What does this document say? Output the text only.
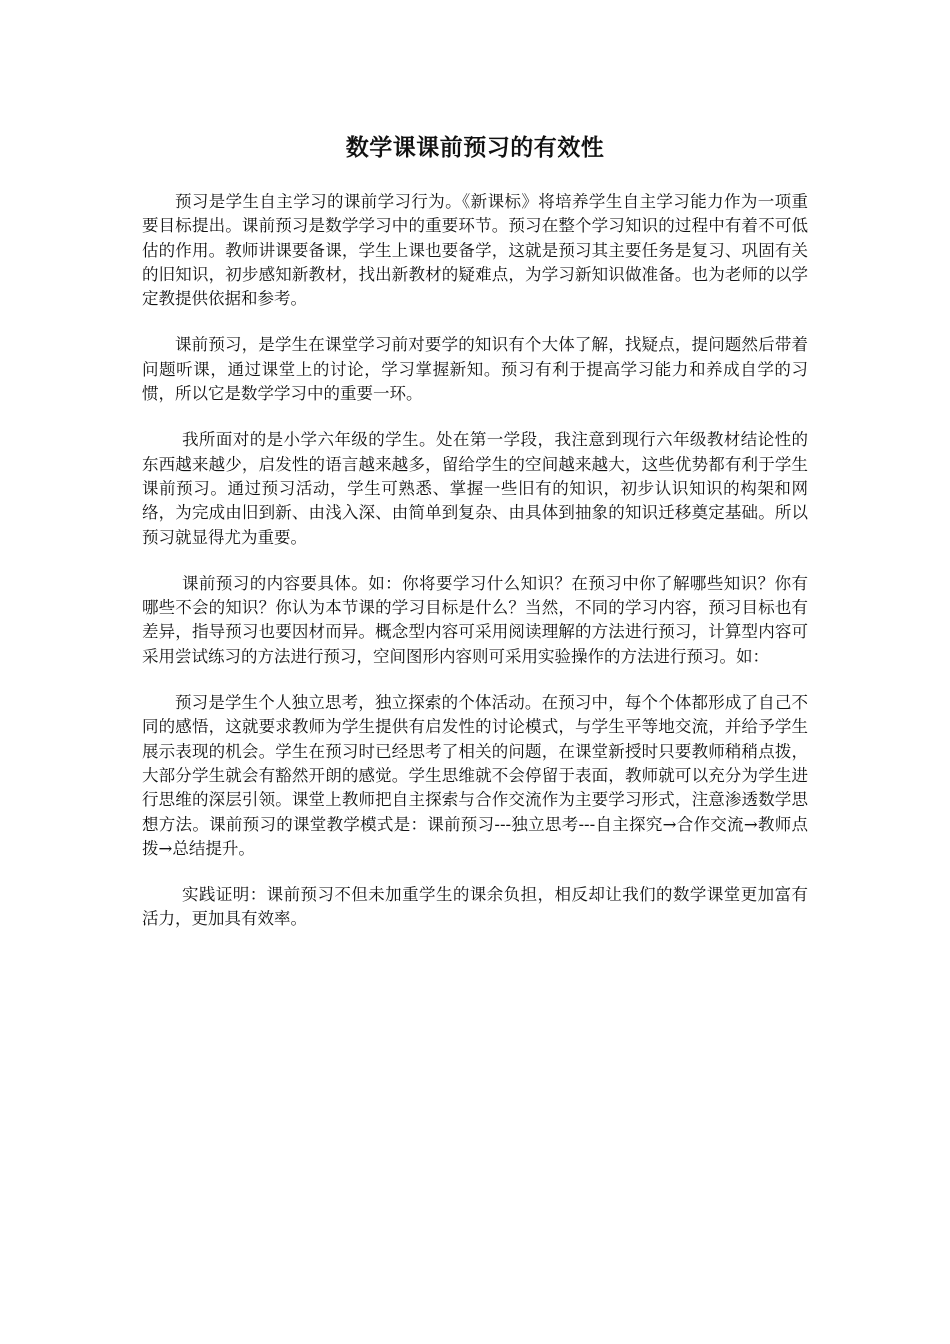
数学课课前预习的有效性

预习是学生自主学习的课前学习行为。《新课标》将培养学生自主学习能力作为一项重要目标提出。课前预习是数学学习中的重要环节。预习在整个学习知识的过程中有着不可低估的作用。教师讲课要备课，学生上课也要备学，这就是预习其主要任务是复习、巩固有关的旧知识，初步感知新教材，找出新教材的疑难点，为学习新知识做准备。也为老师的以学定教提供依据和参考。

课前预习，是学生在课堂学习前对要学的知识有个大体了解，找疑点，提问题然后带着问题听课，通过课堂上的讨论，学习掌握新知。预习有利于提高学习能力和养成自学的习惯，所以它是数学学习中的重要一环。

我所面对的是小学六年级的学生。处在第一学段，我注意到现行六年级教材结论性的东西越来越少，启发性的语言越来越多，留给学生的空间越来越大，这些优势都有利于学生课前预习。通过预习活动，学生可熟悉、掌握一些旧有的知识，初步认识知识的构架和网络，为完成由旧到新、由浅入深、由简单到复杂、由具体到抽象的知识迁移奠定基础。所以预习就显得尤为重要。

课前预习的内容要具体。如：你将要学习什么知识？在预习中你了解哪些知识？你有哪些不会的知识？你认为本节课的学习目标是什么？当然，不同的学习内容，预习目标也有差异，指导预习也要因材而异。概念型内容可采用阅读理解的方法进行预习，计算型内容可采用尝试练习的方法进行预习，空间图形内容则可采用实验操作的方法进行预习。如：

预习是学生个人独立思考，独立探索的个体活动。在预习中，每个个体都形成了自己不同的感悟，这就要求教师为学生提供有启发性的讨论模式，与学生平等地交流，并给予学生展示表现的机会。学生在预习时已经思考了相关的问题，在课堂新授时只要教师稍稍点拨，大部分学生就会有豁然开朗的感觉。学生思维就不会停留于表面，教师就可以充分为学生进行思维的深层引领。课堂上教师把自主探索与合作交流作为主要学习形式，注意渗透数学思想方法。课前预习的课堂教学模式是：课前预习---独立思考---自主探究→合作交流→教师点拨→总结提升。

实践证明：课前预习不但未加重学生的课余负担，相反却让我们的数学课堂更加富有活力，更加具有效率。
